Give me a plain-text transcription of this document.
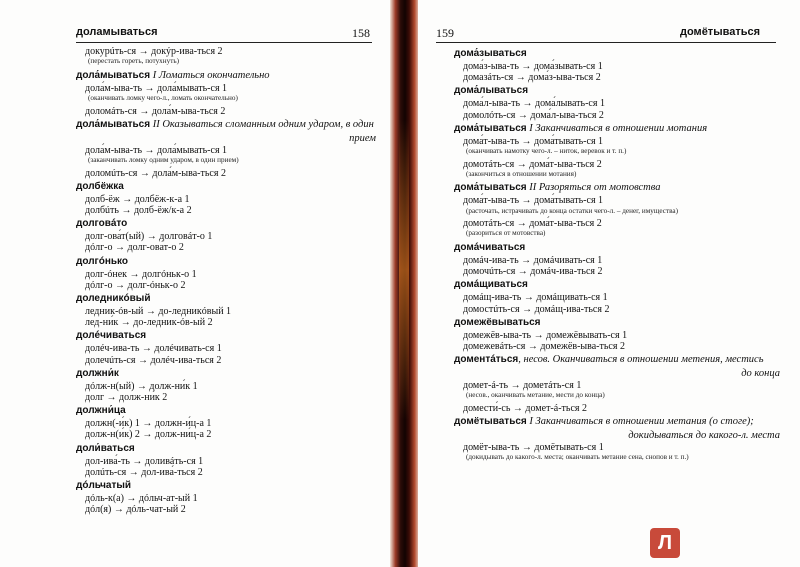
доламываться	158
докурúть-ся → докýр-ива-ться 2
(перестать гореть, потухнуть)
дола́мываться I Ломаться окончательно
дола́м-ыва-ть → дола́мывать-ся 1
(оканчивать ломку чего-л., ломать окончательно)
доломáть-ся → дола́м-ыва-ться 2
дола́мываться II Оказываться сломанным одним ударом, в один
прием
дола́м-ыва-ть → дола́мывать-ся 1
(заканчивать ломку одним ударом, в один прием)
доломúть-ся → дола́м-ыва-ться 2
долбёжка
долб-ёж → долбёж-к-а 1
долбúть → долб-ёж/к-а 2
долговáто
долг-ова́т(ый) → долговáт-о 1
дóлг-о → долг-ова́т-о 2
долгóнько
долг-óнек → долгóньк-о 1
дóлг-о → долг-óньк-о 2
доледникóвый
ледник-óв-ый → до-ледникóвый 1
лед-ни́к → до-ледник-óв-ый 2
долéчиваться
долéч-ива-ть → долéчивать-ся 1
долечúть-ся → долéч-ива-ться 2
должни́к
дóлж-н(ый) → долж-ни́к 1
долг → долж-ни́к 2
должни́ца
должн(-и́к) 1 → должн-и́ц-а 1
долж-н(и́к) 2 → долж-ни́ц-а 2
доли́ваться
дол-ива́-ть → доливáть-ся 1
долúть-ся → дол-ива́-ться 2
дóльчатый
дóль-к(а) → дóльч-ат-ый 1
дóл(я) → дóль-чат-ый 2
159	домётываться
дома́зываться
дома́з-ыва-ть → дома́зывать-ся 1
домазáть-ся → дома́з-ыва-ться 2
дома́лываться
дома́л-ыва-ть → дома́лывать-ся 1
домолóть-ся → дома́л-ыва-ться 2
дома́тываться I Заканчиваться в отношении мотания
дома́т-ыва-ть → дома́тывать-ся 1
(оканчивать намотку чего-л. – ниток, веревок и т. п.)
домотáть-ся → дома́т-ыва-ться 2
(закончиться в отношении мотания)
дома́тываться II Разоряться от мотовства
дома́т-ыва-ть → дома́тывать-ся 1
(расточать, истрачивать до конца остатки чего-л. – денег, имущества)
домотáть-ся → дома́т-ыва-ться 2
(разориться от мотовства)
домáчиваться
домáч-ива-ть → домáчивать-ся 1
домочúть-ся → домáч-ива-ться 2
домáщиваться
домáщ-ива-ть → домáщивать-ся 1
домостúть-ся → домáщ-ива-ться 2
домежёвываться
домежёв-ыва-ть → домежёвывать-ся 1
домежевáть-ся → домежёв-ыва-ться 2
доментáться, несов. Оканчиваться в отношении метения, местись
до конца
домет-á-ть → дометáть-ся 1
(несов., оканчивать метание, мести до конца)
домести́-сь → домет-á-ться 2
домётываться I Заканчиваться в отношении метания (о стоге);
докидываться до какого-л. места
домёт-ыва-ть → домётывать-ся 1
(докидывать до какого-л. места; оканчивать метание сена, снопов и т. п.)
Л
